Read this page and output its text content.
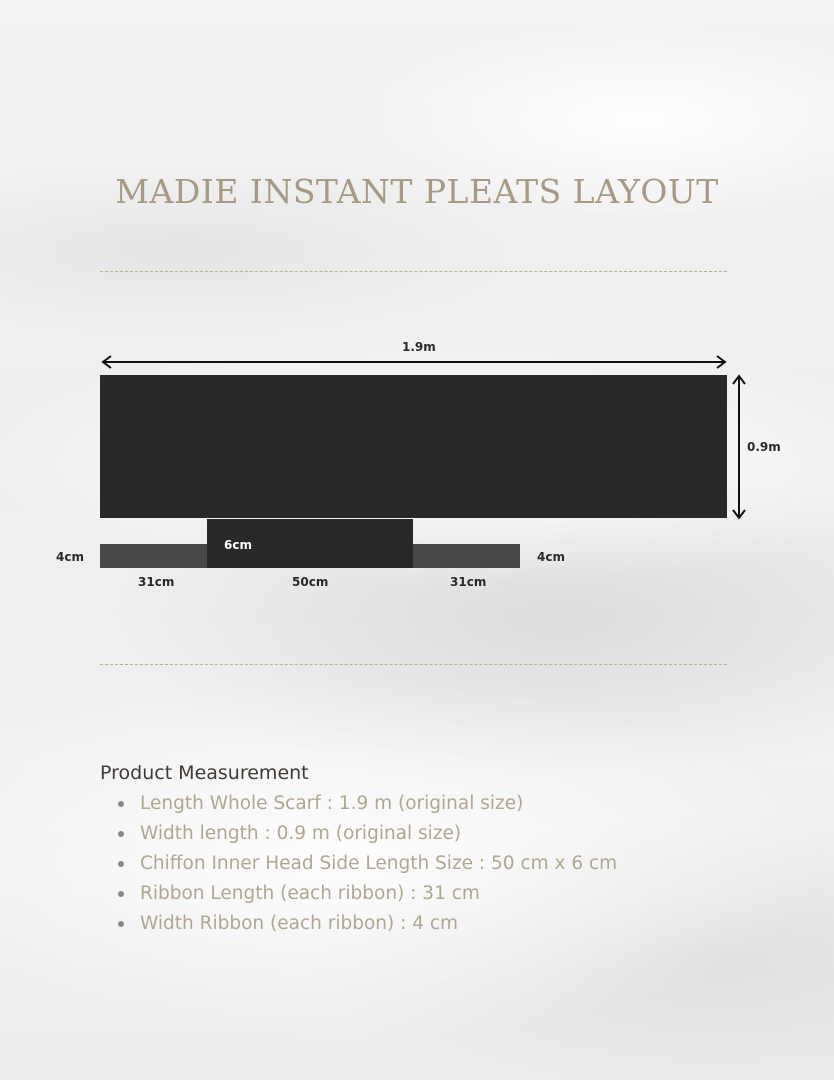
MADIE INSTANT PLEATS LAYOUT
1.9m
0.9m
6cm
4cm	4cm
31cm	50cm	31cm
Product Measurement
Length Whole Scarf : 1.9 m (original size)
Width length : 0.9 m (original size)
Chiffon Inner Head Side Length Size : 50 cm x 6 cm
Ribbon Length (each ribbon) : 31 cm
Width Ribbon (each ribbon) : 4 cm
